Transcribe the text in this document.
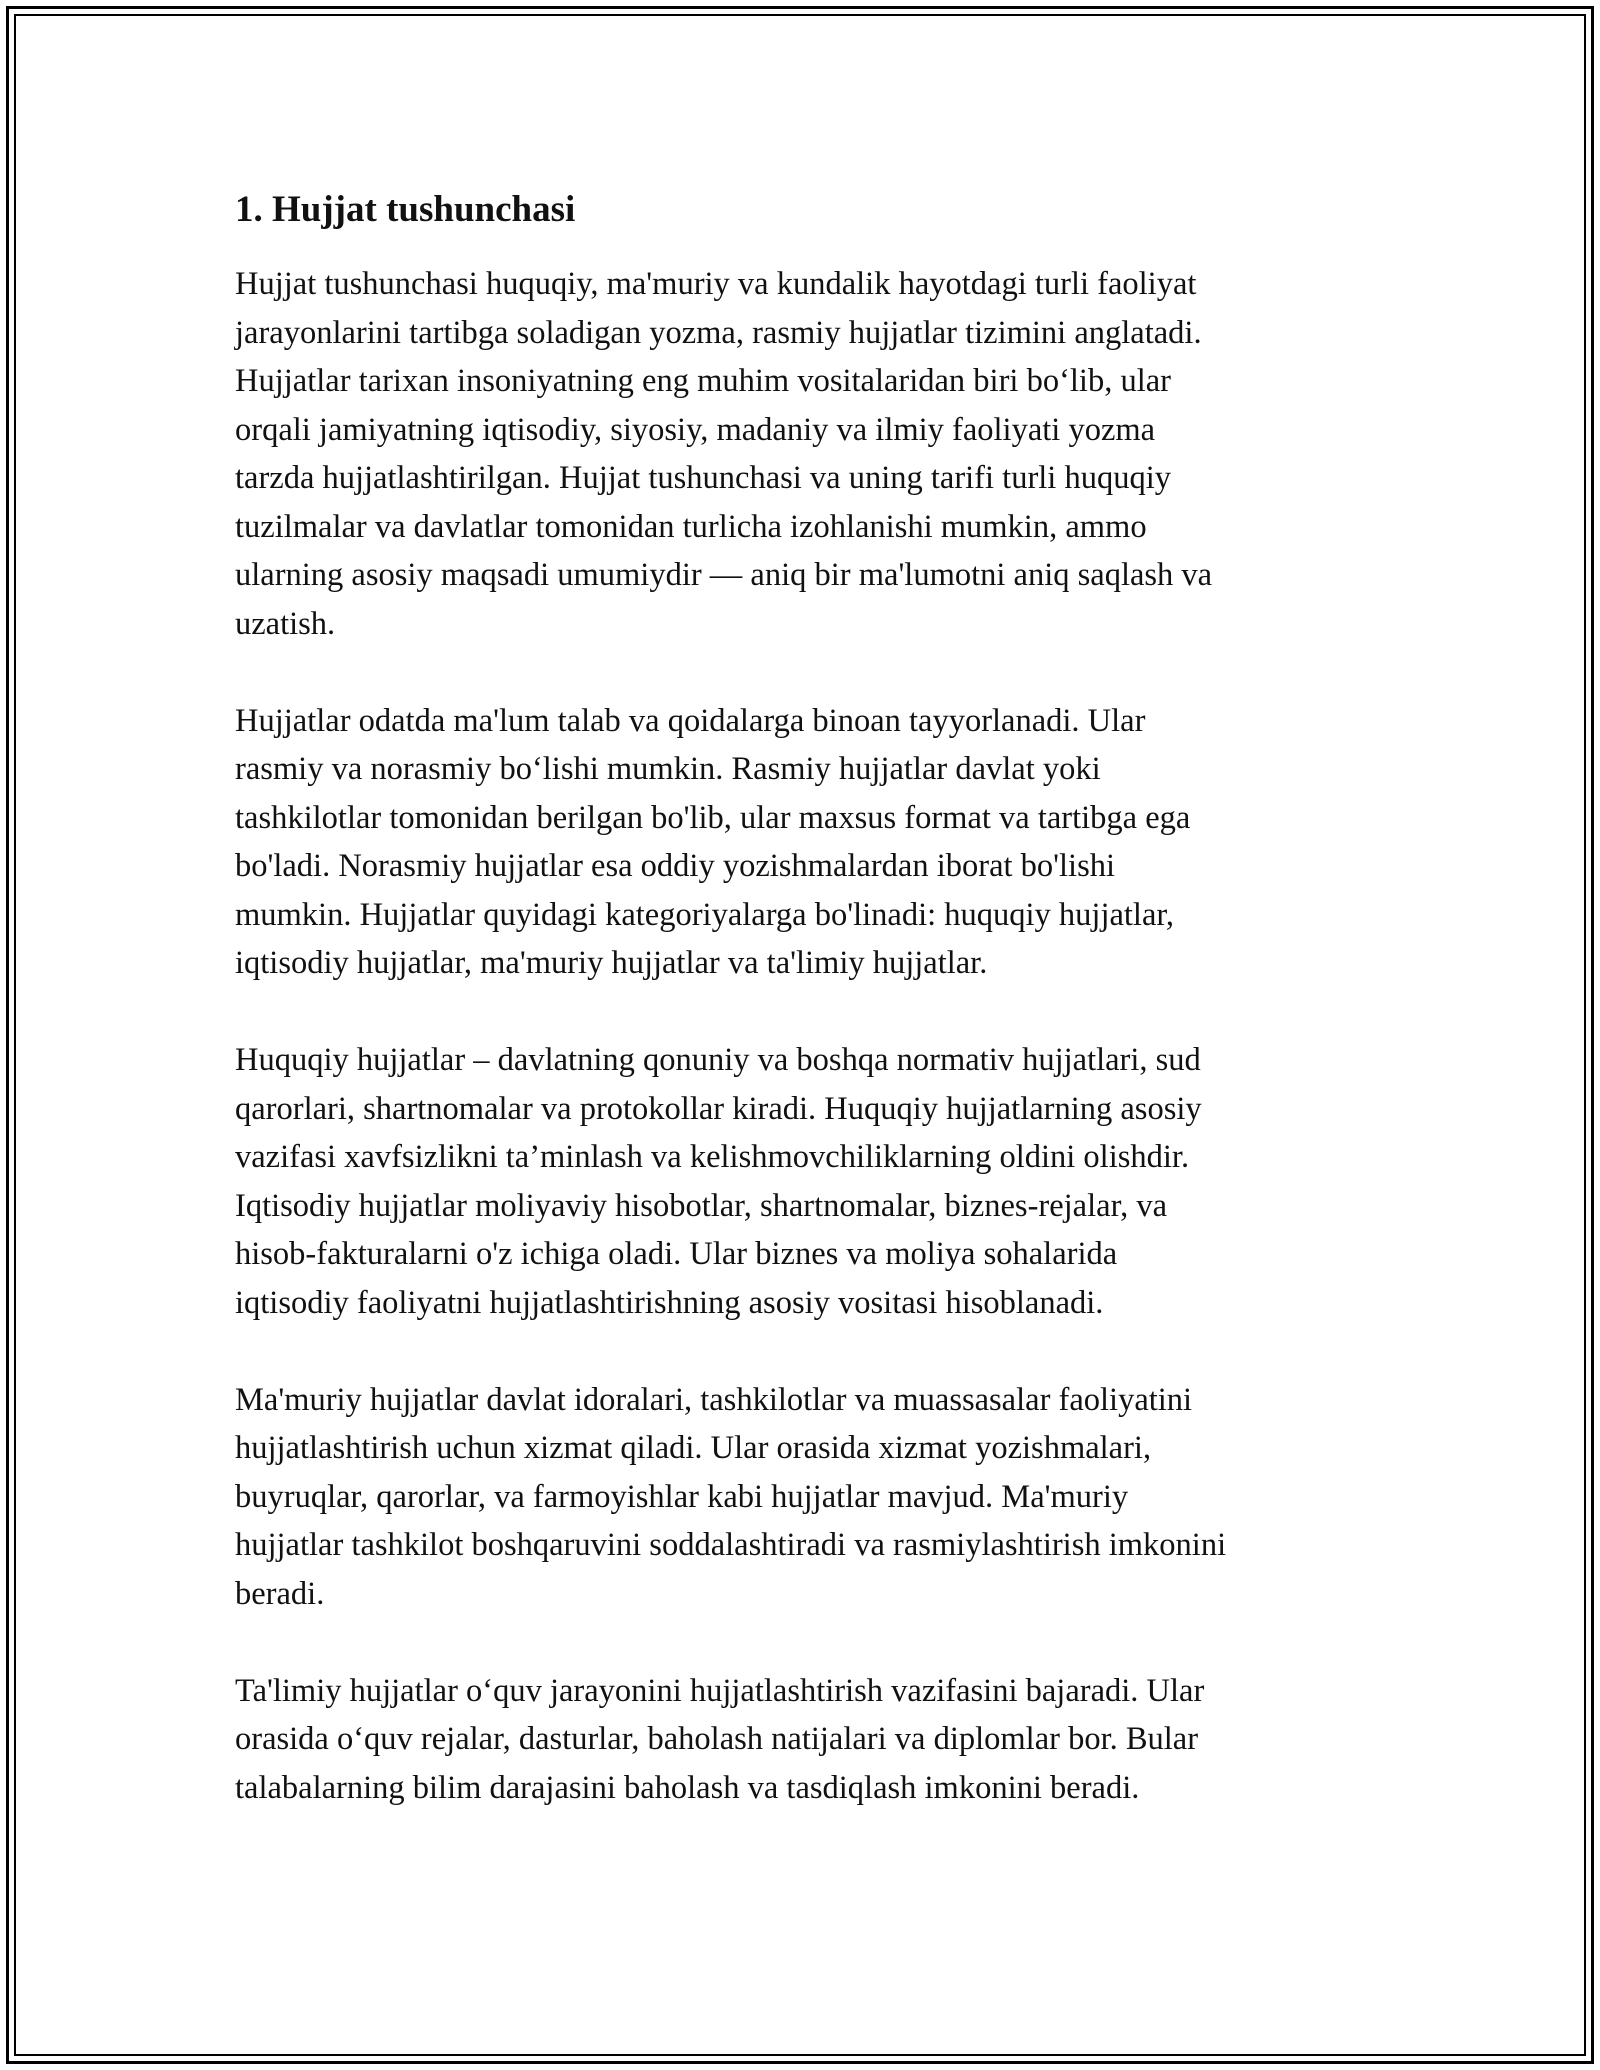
1. Hujjat tushunchasi

Hujjat tushunchasi huquqiy, ma'muriy va kundalik hayotdagi turli faoliyat
jarayonlarini tartibga soladigan yozma, rasmiy hujjatlar tizimini anglatadi.
Hujjatlar tarixan insoniyatning eng muhim vositalaridan biri bo‘lib, ular
orqali jamiyatning iqtisodiy, siyosiy, madaniy va ilmiy faoliyati yozma
tarzda hujjatlashtirilgan. Hujjat tushunchasi va uning tarifi turli huquqiy
tuzilmalar va davlatlar tomonidan turlicha izohlanishi mumkin, ammo
ularning asosiy maqsadi umumiydir — aniq bir ma'lumotni aniq saqlash va
uzatish.

Hujjatlar odatda ma'lum talab va qoidalarga binoan tayyorlanadi. Ular
rasmiy va norasmiy bo‘lishi mumkin. Rasmiy hujjatlar davlat yoki
tashkilotlar tomonidan berilgan bo'lib, ular maxsus format va tartibga ega
bo'ladi. Norasmiy hujjatlar esa oddiy yozishmalardan iborat bo'lishi
mumkin. Hujjatlar quyidagi kategoriyalarga bo'linadi: huquqiy hujjatlar,
iqtisodiy hujjatlar, ma'muriy hujjatlar va ta'limiy hujjatlar.

Huquqiy hujjatlar – davlatning qonuniy va boshqa normativ hujjatlari, sud
qarorlari, shartnomalar va protokollar kiradi. Huquqiy hujjatlarning asosiy
vazifasi xavfsizlikni ta’minlash va kelishmovchiliklarning oldini olishdir.
Iqtisodiy hujjatlar moliyaviy hisobotlar, shartnomalar, biznes-rejalar, va
hisob-fakturalarni o'z ichiga oladi. Ular biznes va moliya sohalarida
iqtisodiy faoliyatni hujjatlashtirishning asosiy vositasi hisoblanadi.

Ma'muriy hujjatlar davlat idoralari, tashkilotlar va muassasalar faoliyatini
hujjatlashtirish uchun xizmat qiladi. Ular orasida xizmat yozishmalari,
buyruqlar, qarorlar, va farmoyishlar kabi hujjatlar mavjud. Ma'muriy
hujjatlar tashkilot boshqaruvini soddalashtiradi va rasmiylashtirish imkonini
beradi.

Ta'limiy hujjatlar o‘quv jarayonini hujjatlashtirish vazifasini bajaradi. Ular
orasida o‘quv rejalar, dasturlar, baholash natijalari va diplomlar bor. Bular
talabalarning bilim darajasini baholash va tasdiqlash imkonini beradi.
